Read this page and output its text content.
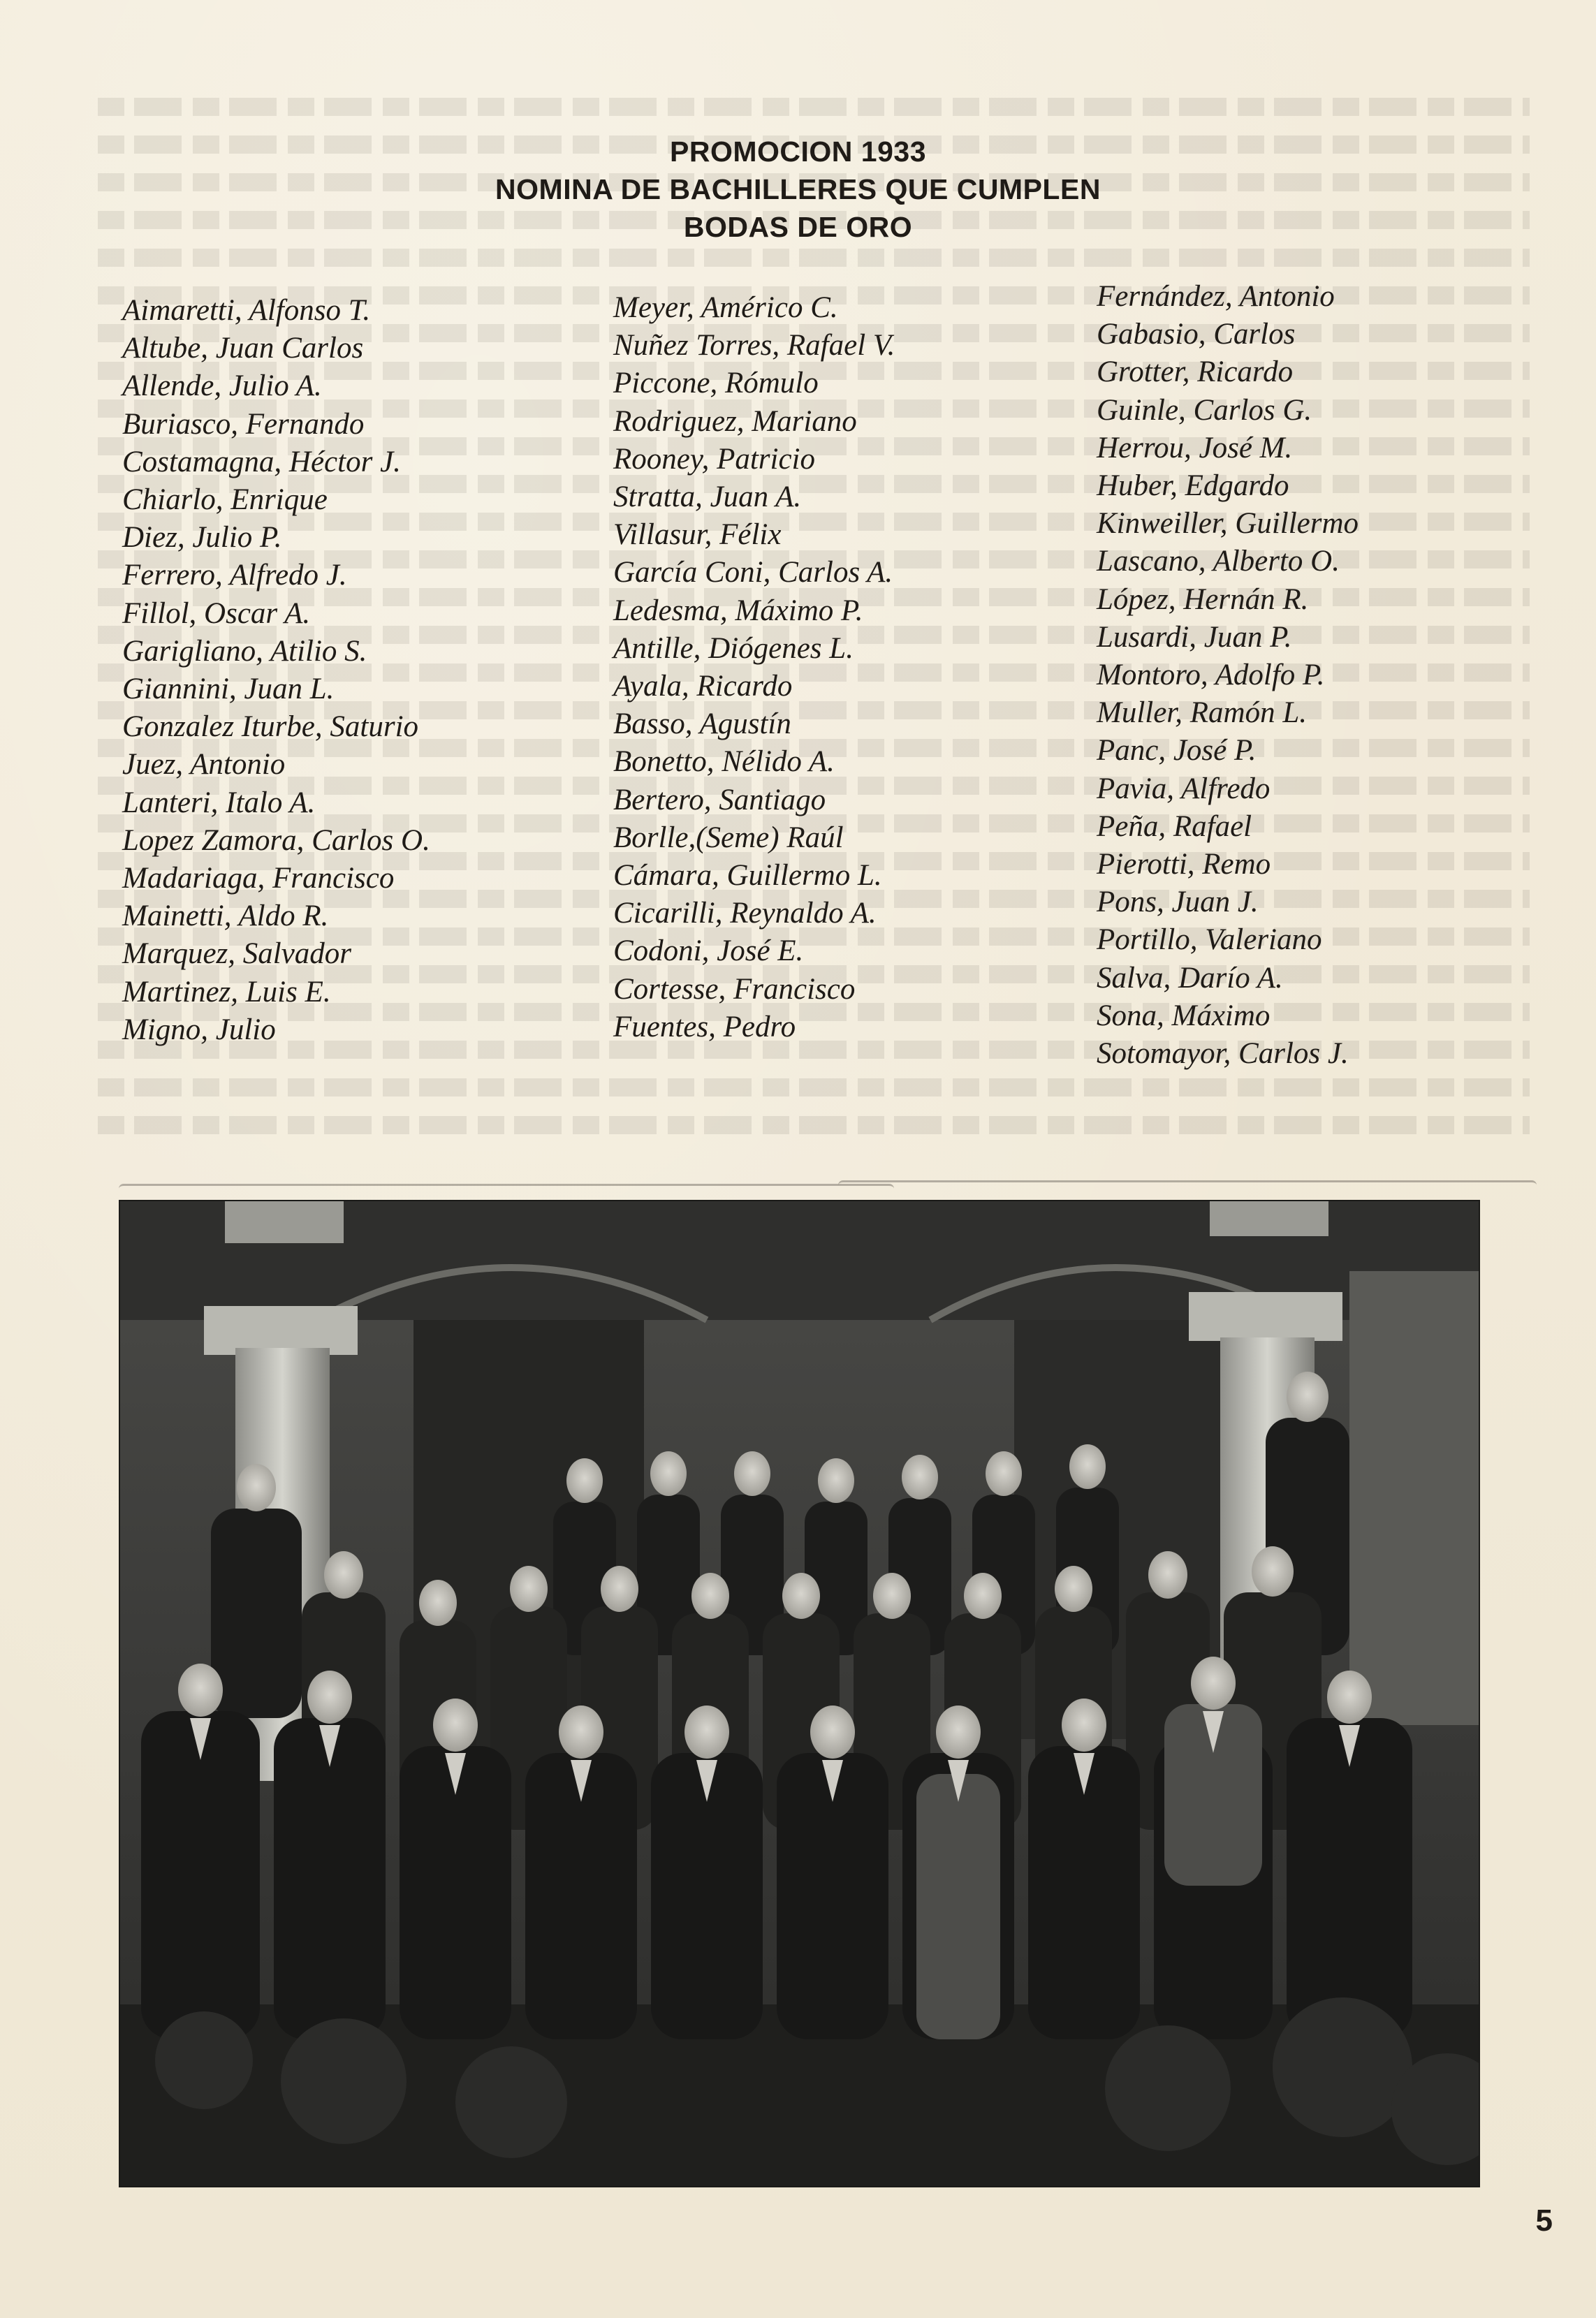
PROMOCION 1933
NOMINA DE BACHILLERES QUE CUMPLEN
BODAS DE ORO
Aimaretti, Alfonso T.
Altube, Juan Carlos
Allende, Julio A.
Buriasco, Fernando
Costamagna, Héctor J.
Chiarlo, Enrique
Diez, Julio P.
Ferrero, Alfredo J.
Fillol, Oscar A.
Garigliano, Atilio S.
Giannini, Juan L.
Gonzalez Iturbe, Saturio
Juez, Antonio
Lanteri, Italo A.
Lopez Zamora, Carlos O.
Madariaga, Francisco
Mainetti, Aldo R.
Marquez, Salvador
Martinez, Luis E.
Migno, Julio
Meyer, Américo C.
Nuñez Torres, Rafael V.
Piccone, Rómulo
Rodriguez, Mariano
Rooney, Patricio
Stratta, Juan A.
Villasur, Félix
García Coni, Carlos A.
Ledesma, Máximo P.
Antille, Diógenes L.
Ayala, Ricardo
Basso, Agustín
Bonetto, Nélido A.
Bertero, Santiago
Borlle,(Seme) Raúl
Cámara, Guillermo L.
Cicarilli, Reynaldo A.
Codoni, José E.
Cortesse, Francisco
Fuentes, Pedro
Fernández, Antonio
Gabasio, Carlos
Grotter, Ricardo
Guinle, Carlos G.
Herrou, José M.
Huber, Edgardo
Kinweiller, Guillermo
Lascano, Alberto O.
López, Hernán R.
Lusardi, Juan P.
Montoro, Adolfo P.
Muller, Ramón L.
Panc, José P.
Pavia, Alfredo
Peña, Rafael
Pierotti, Remo
Pons, Juan J.
Portillo, Valeriano
Salva, Darío A.
Sona, Máximo
Sotomayor, Carlos J.
5
